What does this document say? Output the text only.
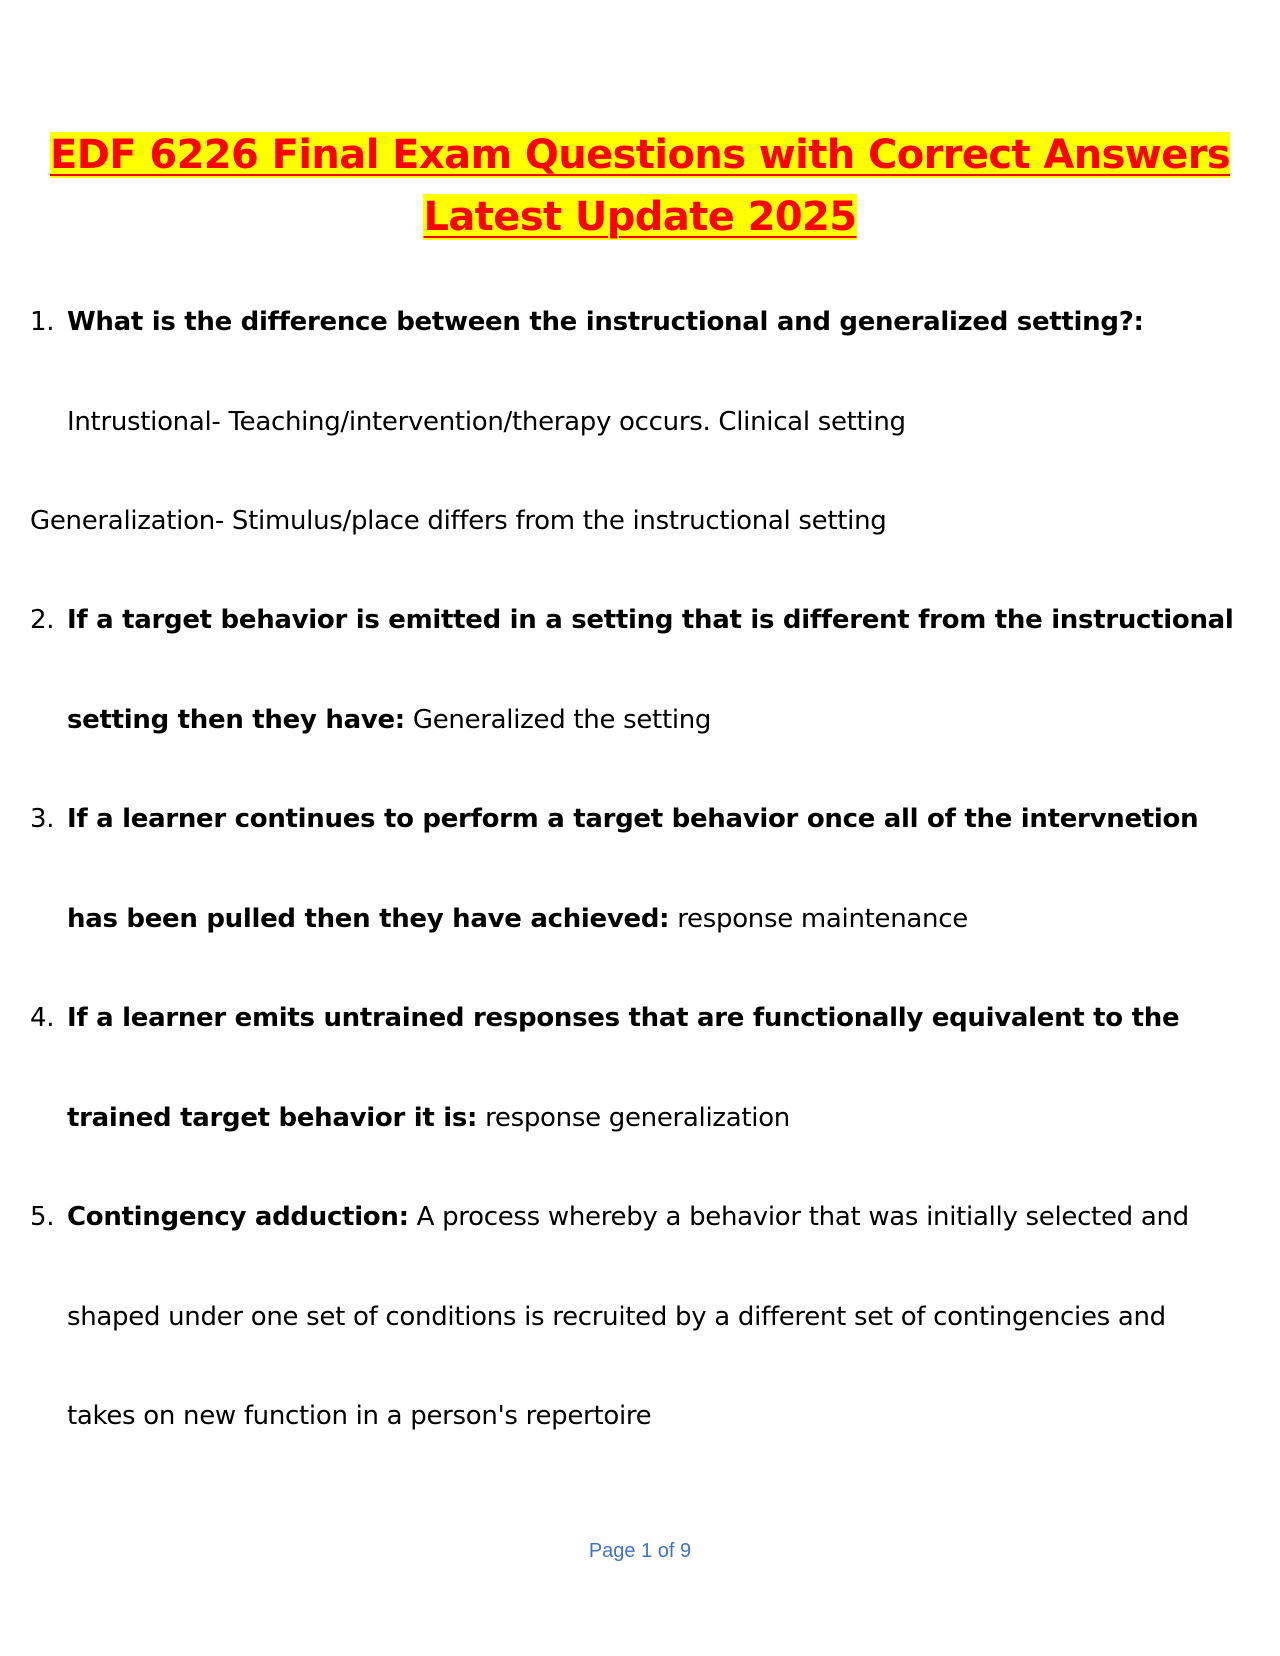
EDF 6226 Final Exam Questions with Correct Answers
Latest Update 2025
1. What is the difference between the instructional and generalized setting?:
Intrustional- Teaching/intervention/therapy occurs. Clinical setting
Generalization- Stimulus/place differs from the instructional setting
2. If a target behavior is emitted in a setting that is different from the instructional
setting then they have: Generalized the setting
3. If a learner continues to perform a target behavior once all of the intervnetion
has been pulled then they have achieved: response maintenance
4. If a learner emits untrained responses that are functionally equivalent to the
trained target behavior it is: response generalization
5. Contingency adduction: A process whereby a behavior that was initially selected and
shaped under one set of conditions is recruited by a different set of contingencies and
takes on new function in a person's repertoire
Page 1 of 9
